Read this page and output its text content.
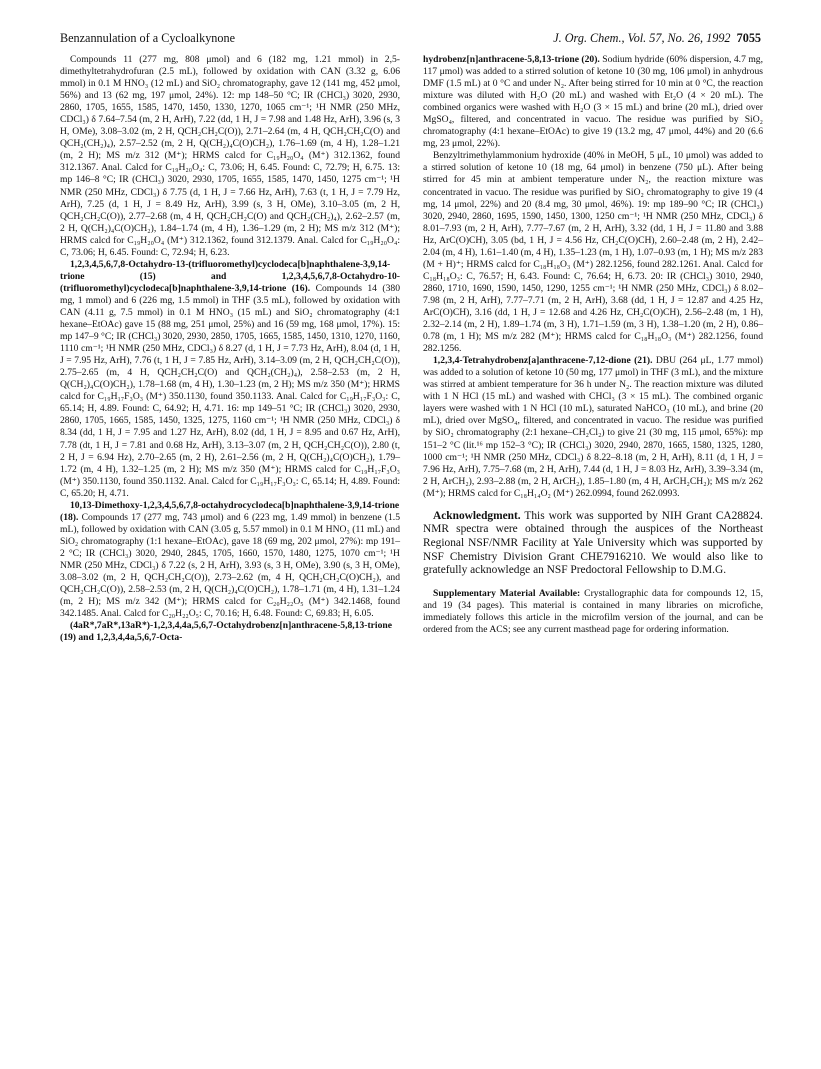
Benzannulation of a Cycloalkynone	J. Org. Chem., Vol. 57, No. 26, 1992 7055

Compounds 11 (277 mg, 808 μmol) and 6 (182 mg, 1.21 mmol) in 2,5-dimethyltetrahydrofuran (2.5 mL), followed by oxidation with CAN (3.32 g, 6.06 mmol) in 0.1 M HNO₃ (12 mL) and SiO₂ chromatography, gave 12 (141 mg, 452 μmol, 56%) and 13 (62 mg, 197 μmol, 24%). 12: mp 148–50 °C; IR (CHCl₃) 3020, 2930, 2860, 1705, 1655, 1585, 1470, 1450, 1330, 1270, 1065 cm⁻¹; ¹H NMR (250 MHz, CDCl₃) δ 7.64–7.54 (m, 2 H, ArH), 7.22 (dd, 1 H, J = 7.98 and 1.48 Hz, ArH), 3.96 (s, 3 H, OMe), 3.08–3.02 (m, 2 H, QCH₂CH₂C(O)), 2.71–2.64 (m, 4 H, QCH₂CH₂C(O) and QCH₂(CH₂)₄), 2.57–2.52 (m, 2 H, Q(CH₂)₄C(O)CH₂), 1.76–1.69 (m, 4 H), 1.28–1.21 (m, 2 H); MS m/z 312 (M⁺); HRMS calcd for C₁₉H₂₀O₄ (M⁺) 312.1362, found 312.1367. Anal. Calcd for C₁₉H₂₀O₄: C, 73.06; H, 6.45. Found: C, 72.79; H, 6.75. 13: mp 146–8 °C; IR (CHCl₃) 3020, 2930, 1705, 1655, 1585, 1470, 1450, 1275 cm⁻¹; ¹H NMR (250 MHz, CDCl₃) δ 7.75 (d, 1 H, J = 7.66 Hz, ArH), 7.63 (t, 1 H, J = 7.79 Hz, ArH), 7.25 (d, 1 H, J = 8.49 Hz, ArH), 3.99 (s, 3 H, OMe), 3.10–3.05 (m, 2 H, QCH₂CH₂C(O)), 2.77–2.68 (m, 4 H, QCH₂CH₂C(O) and QCH₂(CH₂)₄), 2.62–2.57 (m, 2 H, Q(CH₂)₄C(O)CH₂), 1.84–1.74 (m, 4 H), 1.36–1.29 (m, 2 H); MS m/z 312 (M⁺); HRMS calcd for C₁₉H₂₀O₄ (M⁺) 312.1362, found 312.1379. Anal. Calcd for C₁₉H₂₀O₄: C, 73.06; H, 6.45. Found: C, 72.94; H, 6.23.

1,2,3,4,5,6,7,8-Octahydro-13-(trifluoromethyl)cyclodeca[b]naphthalene-3,9,14-trione (15) and 1,2,3,4,5,6,7,8-Octahydro-10-(trifluoromethyl)cyclodeca[b]naphthalene-3,9,14-trione (16). Compounds 14 (380 mg, 1 mmol) and 6 (226 mg, 1.5 mmol) in THF (3.5 mL), followed by oxidation with CAN (4.11 g, 7.5 mmol) in 0.1 M HNO₃ (15 mL) and SiO₂ chromatography (4:1 hexane–EtOAc) gave 15 (88 mg, 251 μmol, 25%) and 16 (59 mg, 168 μmol, 17%). 15: mp 147–9 °C; IR (CHCl₃) 3020, 2930, 2850, 1705, 1665, 1585, 1450, 1310, 1270, 1160, 1110 cm⁻¹; ¹H NMR (250 MHz, CDCl₃) δ 8.27 (d, 1 H, J = 7.73 Hz, ArH), 8.04 (d, 1 H, J = 7.95 Hz, ArH), 7.76 (t, 1 H, J = 7.85 Hz, ArH), 3.14–3.09 (m, 2 H, QCH₂CH₂C(O)), 2.75–2.65 (m, 4 H, QCH₂CH₂C(O) and QCH₂(CH₂)₄), 2.58–2.53 (m, 2 H, Q(CH₂)₄C(O)CH₂), 1.78–1.68 (m, 4 H), 1.30–1.23 (m, 2 H); MS m/z 350 (M⁺); HRMS calcd for C₁₉H₁₇F₃O₃ (M⁺) 350.1130, found 350.1133. Anal. Calcd for C₁₉H₁₇F₃O₃: C, 65.14; H, 4.89. Found: C, 64.92; H, 4.71. 16: mp 149–51 °C; IR (CHCl₃) 3020, 2930, 2860, 1705, 1665, 1585, 1450, 1325, 1275, 1160 cm⁻¹; ¹H NMR (250 MHz, CDCl₃) δ 8.34 (dd, 1 H, J = 7.95 and 1.27 Hz, ArH), 8.02 (dd, 1 H, J = 8.95 and 0.67 Hz, ArH), 7.78 (dt, 1 H, J = 7.81 and 0.68 Hz, ArH), 3.13–3.07 (m, 2 H, QCH₂CH₂C(O)), 2.80 (t, 2 H, J = 6.94 Hz), 2.70–2.65 (m, 2 H), 2.61–2.56 (m, 2 H, Q(CH₂)₄C(O)CH₂), 1.79–1.72 (m, 4 H), 1.32–1.25 (m, 2 H); MS m/z 350 (M⁺); HRMS calcd for C₁₉H₁₇F₃O₃ (M⁺) 350.1130, found 350.1132. Anal. Calcd for C₁₉H₁₇F₃O₃: C, 65.14; H, 4.89. Found: C, 65.20; H, 4.71.

10,13-Dimethoxy-1,2,3,4,5,6,7,8-octahydrocyclodeca[b]naphthalene-3,9,14-trione (18). Compounds 17 (277 mg, 743 μmol) and 6 (223 mg, 1.49 mmol) in benzene (1.5 mL), followed by oxidation with CAN (3.05 g, 5.57 mmol) in 0.1 M HNO₃ (11 mL) and SiO₂ chromatography (1:1 hexane–EtOAc), gave 18 (69 mg, 202 μmol, 27%): mp 191–2 °C; IR (CHCl₃) 3020, 2940, 2845, 1705, 1660, 1570, 1480, 1275, 1070 cm⁻¹; ¹H NMR (250 MHz, CDCl₃) δ 7.22 (s, 2 H, ArH), 3.93 (s, 3 H, OMe), 3.90 (s, 3 H, OMe), 3.08–3.02 (m, 2 H, QCH₂CH₂C(O)), 2.73–2.62 (m, 4 H, QCH₂CH₂C(O)CH₂), and QCH₂CH₂C(O)), 2.58–2.53 (m, 2 H, Q(CH₂)₄C(O)CH₂), 1.78–1.71 (m, 4 H), 1.31–1.24 (m, 2 H); MS m/z 342 (M⁺); HRMS calcd for C₂₀H₂₂O₅ (M⁺) 342.1468, found 342.1485. Anal. Calcd for C₂₀H₂₂O₅: C, 70.16; H, 6.48. Found: C, 69.83; H, 6.05.

(4aR*,7aR*,13aR*)-1,2,3,4,4a,5,6,7-Octahydrobenz[n]anthracene-5,8,13-trione (19) and 1,2,3,4,4a,5,6,7-Octa-

hydrobenz[n]anthracene-5,8,13-trione (20). Sodium hydride (60% dispersion, 4.7 mg, 117 μmol) was added to a stirred solution of ketone 10 (30 mg, 106 μmol) in anhydrous DMF (1.5 mL) at 0 °C and under N₂. After being stirred for 10 min at 0 °C, the reaction mixture was diluted with H₂O (20 mL) and washed with Et₂O (4 × 20 mL). The combined organics were washed with H₂O (3 × 15 mL) and brine (20 mL), dried over MgSO₄, filtered, and concentrated in vacuo. The residue was purified by SiO₂ chromatography (4:1 hexane–EtOAc) to give 19 (13.2 mg, 47 μmol, 44%) and 20 (6.6 mg, 23 μmol, 22%).

Benzyltrimethylammonium hydroxide (40% in MeOH, 5 μL, 10 μmol) was added to a stirred solution of ketone 10 (18 mg, 64 μmol) in benzene (750 μL). After being stirred for 45 min at ambient temperature under N₂, the reaction mixture was concentrated in vacuo. The residue was purified by SiO₂ chromatography to give 19 (4 mg, 14 μmol, 22%) and 20 (8.4 mg, 30 μmol, 46%). 19: mp 189–90 °C; IR (CHCl₃) 3020, 2940, 2860, 1695, 1590, 1450, 1300, 1250 cm⁻¹; ¹H NMR (250 MHz, CDCl₃) δ 8.01–7.93 (m, 2 H, ArH), 7.77–7.67 (m, 2 H, ArH), 3.32 (dd, 1 H, J = 11.80 and 3.88 Hz, ArC(O)CH), 3.05 (bd, 1 H, J = 4.56 Hz, CH₂C(O)CH), 2.60–2.48 (m, 2 H), 2.42–2.04 (m, 4 H), 1.61–1.40 (m, 4 H), 1.35–1.23 (m, 1 H), 1.07–0.93 (m, 1 H); MS m/z 283 (M + H)⁺; HRMS calcd for C₁₈H₁₈O₃ (M⁺) 282.1256, found 282.1261. Anal. Calcd for C₁₈H₁₈O₃: C, 76.57; H, 6.43. Found: C, 76.64; H, 6.73. 20: IR (CHCl₃) 3010, 2940, 2860, 1710, 1690, 1590, 1450, 1290, 1255 cm⁻¹; ¹H NMR (250 MHz, CDCl₃) δ 8.02–7.98 (m, 2 H, ArH), 7.77–7.71 (m, 2 H, ArH), 3.68 (dd, 1 H, J = 12.87 and 4.25 Hz, ArC(O)CH), 3.16 (dd, 1 H, J = 12.68 and 4.26 Hz, CH₂C(O)CH), 2.56–2.48 (m, 1 H), 2.32–2.14 (m, 2 H), 1.89–1.74 (m, 3 H), 1.71–1.59 (m, 3 H), 1.38–1.20 (m, 2 H), 0.86–0.78 (m, 1 H); MS m/z 282 (M⁺); HRMS calcd for C₁₈H₁₈O₃ (M⁺) 282.1256, found 282.1256.

1,2,3,4-Tetrahydrobenz[a]anthracene-7,12-dione (21). DBU (264 μL, 1.77 mmol) was added to a solution of ketone 10 (50 mg, 177 μmol) in THF (3 mL), and the mixture was stirred at ambient temperature for 36 h under N₂. The reaction mixture was diluted with 1 N HCl (15 mL) and washed with CHCl₃ (3 × 15 mL). The combined organic layers were washed with 1 N HCl (10 mL), saturated NaHCO₃ (10 mL), and brine (20 mL), dried over MgSO₄, filtered, and concentrated in vacuo. The residue was purified by SiO₂ chromatography (2:1 hexane–CH₂Cl₂) to give 21 (30 mg, 115 μmol, 65%): mp 151–2 °C (lit.¹⁶ mp 152–3 °C); IR (CHCl₃) 3020, 2940, 2870, 1665, 1580, 1325, 1280, 1000 cm⁻¹; ¹H NMR (250 MHz, CDCl₃) δ 8.22–8.18 (m, 2 H, ArH), 8.11 (d, 1 H, J = 7.96 Hz, ArH), 7.75–7.68 (m, 2 H, ArH), 7.44 (d, 1 H, J = 8.03 Hz, ArH), 3.39–3.34 (m, 2 H, ArCH₂), 2.93–2.88 (m, 2 H, ArCH₂), 1.85–1.80 (m, 4 H, ArCH₂CH₂); MS m/z 262 (M⁺); HRMS calcd for C₁₈H₁₄O₂ (M⁺) 262.0994, found 262.0993.

Acknowledgment. This work was supported by NIH Grant CA28824. NMR spectra were obtained through the auspices of the Northeast Regional NSF/NMR Facility at Yale University which was supported by NSF Chemistry Division Grant CHE7916210. We would also like to gratefully acknowledge an NSF Predoctoral Fellowship to D.M.G.

Supplementary Material Available: Crystallographic data for compounds 12, 15, and 19 (34 pages). This material is contained in many libraries on microfiche, immediately follows this article in the microfilm version of the journal, and can be ordered from the ACS; see any current masthead page for ordering information.
